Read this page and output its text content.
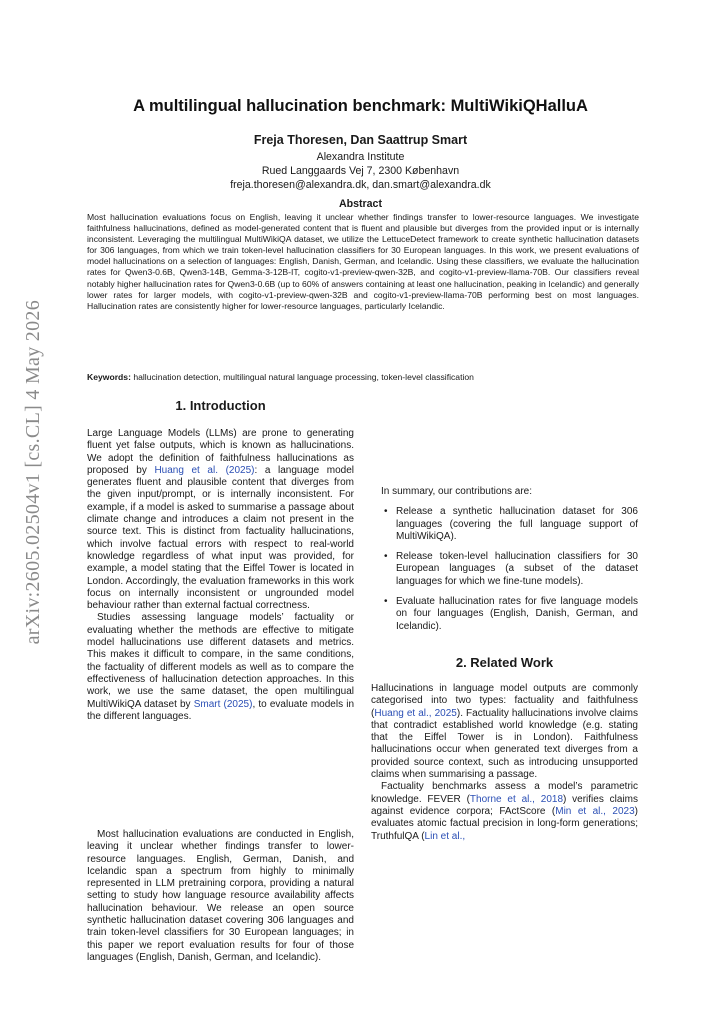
arXiv:2605.02504v1 [cs.CL] 4 May 2026
A multilingual hallucination benchmark: MultiWikiQHalluA
Freja Thoresen, Dan Saattrup Smart
Alexandra Institute
Rued Langgaards Vej 7, 2300 København
freja.thoresen@alexandra.dk, dan.smart@alexandra.dk
Abstract
Most hallucination evaluations focus on English, leaving it unclear whether findings transfer to lower-resource languages. We investigate faithfulness hallucinations, defined as model-generated content that is fluent and plausible but diverges from the provided input or is internally inconsistent. Leveraging the multilingual MultiWikiQA dataset, we utilize the LettuceDetect framework to create synthetic hallucination datasets for 306 languages, from which we train token-level hallucination classifiers for 30 European languages. In this work, we present evaluations of model hallucinations on a selection of languages: English, Danish, German, and Icelandic. Using these classifiers, we evaluate the hallucination rates for Qwen3-0.6B, Qwen3-14B, Gemma-3-12B-IT, cogito-v1-preview-qwen-32B, and cogito-v1-preview-llama-70B. Our classifiers reveal notably higher hallucination rates for Qwen3-0.6B (up to 60% of answers containing at least one hallucination, peaking in Icelandic) and generally lower rates for larger models, with cogito-v1-preview-qwen-32B and cogito-v1-preview-llama-70B performing best on most languages. Hallucination rates are consistently higher for lower-resource languages, particularly Icelandic.
Keywords: hallucination detection, multilingual natural language processing, token-level classification
1. Introduction

Large Language Models (LLMs) are prone to generating fluent yet false outputs, which is known as hallucinations. We adopt the definition of faithfulness hallucinations as proposed by Huang et al. (2025): a language model generates fluent and plausible content that diverges from the given input/prompt, or is internally inconsistent. For example, if a model is asked to summarise a passage about climate change and introduces a claim not present in the source text. This is distinct from factuality hallucinations, which involve factual errors with respect to real-world knowledge regardless of what input was provided, for example, a model stating that the Eiffel Tower is located in London. Accordingly, the evaluation frameworks in this work focus on internally inconsistent or ungrounded model behaviour rather than external factual correctness.

Studies assessing language models’ factuality or evaluating whether the methods are effective to mitigate model hallucinations use different datasets and metrics. This makes it difficult to compare, in the same conditions, the factuality of different models as well as to compare the effectiveness of hallucination detection approaches. In this work, we use the same dataset, the open multilingual MultiWikiQA dataset by Smart (2025), to evaluate models in the different languages.

Most hallucination evaluations are conducted in English, leaving it unclear whether findings transfer to lower-resource languages. English, German, Danish, and Icelandic span a spectrum from highly to minimally represented in LLM pretraining corpora, providing a natural setting to study how language resource availability affects hallucination behaviour. We release an open source synthetic hallucination dataset covering 306 languages and train token-level classifiers for 30 European languages; in this paper we report evaluation results for four of those languages (English, Danish, German, and Icelandic).

In summary, our contributions are:

• Release a synthetic hallucination dataset for 306 languages (covering the full language support of MultiWikiQA).
• Release token-level hallucination classifiers for 30 European languages (a subset of the dataset languages for which we fine-tune models).
• Evaluate hallucination rates for five language models on four languages (English, Danish, German, and Icelandic).
2. Related Work

Hallucinations in language model outputs are commonly categorised into two types: factuality and faithfulness (Huang et al., 2025). Factuality hallucinations involve claims that contradict established world knowledge (e.g. stating that the Eiffel Tower is in London). Faithfulness hallucinations occur when generated text diverges from a provided source context, such as introducing unsupported claims when summarising a passage.

Factuality benchmarks assess a model’s parametric knowledge. FEVER (Thorne et al., 2018) verifies claims against evidence corpora; FActScore (Min et al., 2023) evaluates atomic factual precision in long-form generations; TruthfulQA (Lin et al.,
